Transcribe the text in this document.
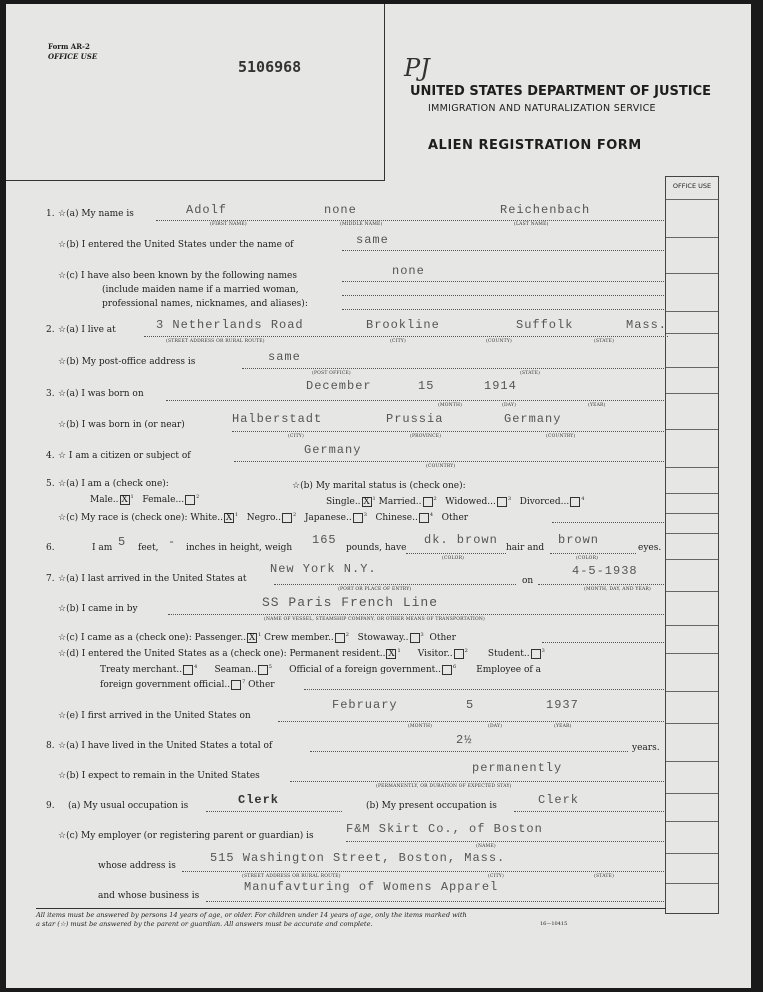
Form AR-2
OFFICE USE
5106968	PJ
UNITED STATES DEPARTMENT OF JUSTICE
IMMIGRATION AND NATURALIZATION SERVICE
ALIEN REGISTRATION FORM
OFFICE USE
1. ☆(a) My name is	Adolf	none	Reichenbach
(FIRST NAME)	(MIDDLE NAME)	(LAST NAME)
☆(b) I entered the United States under the name of	same
☆(c) I have also been known by the following names
(include maiden name if a married woman,
professional names, nicknames, and aliases):
none
2. ☆(a) I live at	3 Netherlands Road	Brookline	Suffolk	Mass.
(STREET ADDRESS OR RURAL ROUTE)	(CITY)	(COUNTY)	(STATE)
☆(b) My post-office address is	same
(POST OFFICE)	(STATE)
3. ☆(a) I was born on
December	15	1914
(MONTH)	(DAY)	(YEAR)
☆(b) I was born in (or near)	Halberstadt	Prussia	Germany
(CITY)	(PROVINCE)	(COUNTRY)
4. ☆ I am a citizen or subject of	Germany
(COUNTRY)
5. ☆(a) I am a (check one):	☆(b) My marital status is (check one):
Male.. X $^1$ Female... $^2$	Single.. X $^1$ Married.. $^2$ Widowed... $^3$ Divorced... $^4$
☆(c) My race is (check one): White.. X $^1$ Negro.. $^2$ Japanese.. $^3$ Chinese.. $^4$ Other
6.	I am 5 feet, - inches in height, weigh
165
pounds, have
dk. brown
hair and
brown
eyes.
(COLOR)	(COLOR)
7. ☆(a) I last arrived in the United States at
New York N.Y.
on
4-5-1938
(PORT OR PLACE OF ENTRY)	(MONTH, DAY, AND YEAR)
☆(b) I came in by	SS Paris French Line
(NAME OF VESSEL, STEAMSHIP COMPANY, OR OTHER MEANS OF TRANSPORTATION)
☆(c) I came as a (check one): Passenger.. X $^1$ Crew member.. $^2$ Stowaway.. $^3$ Other
☆(d) I entered the United States as a (check one): Permanent resident.. X $^1$ Visitor.. $^2$ Student.. $^3$
Treaty merchant.. $^4$ Seaman.. $^5$ Official of a foreign government.. $^6$ Employee of a
foreign government official.. $^7$ Other
☆(e) I first arrived in the United States on
February	5	1937
(MONTH)	(DAY)	(YEAR)
8. ☆(a) I have lived in the United States a total of	2½
years.
☆(b) I expect to remain in the United States
permanently
(PERMANENTLY, OR DURATION OF EXPECTED STAY)
9. (a) My usual occupation is	Clerk	(b) My present occupation is	Clerk
☆(c) My employer (or registering parent or guardian) is	F&M Skirt Co., of Boston
(NAME)
whose address is
515 Washington Street, Boston, Mass.
(STREET ADDRESS OR RURAL ROUTE)	(CITY)	(STATE)
and whose business is
Manufavturing of Womens Apparel
All items must be answered by persons 14 years of age, or older. For children under 14 years of age, only the items marked with
a star (☆) must be answered by the parent or guardian. All answers must be accurate and complete.	16—10415
